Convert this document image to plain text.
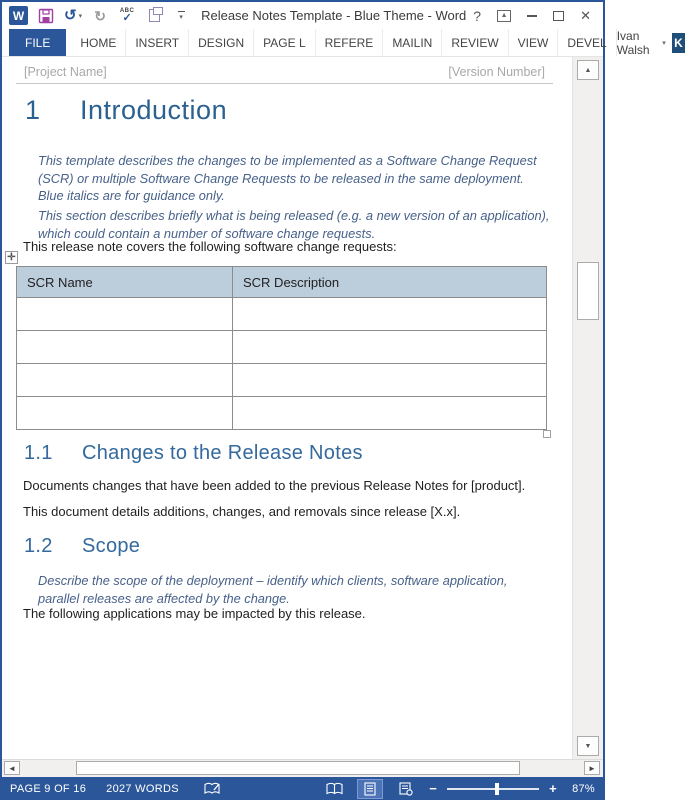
W	↺ ▾ ↻ ABC
✓	▾	Release Notes Template - Blue Theme - Word ?	▲	✕
FILE	HOME	INSERT	DESIGN	PAGE L	REFERE	MAILIN	REVIEW	VIEW	DEVEL Ivan Walsh	▾ K
[Project Name]	[Version Number]
1 Introduction
This template describes the changes to be implemented as a Software Change Request (SCR) or multiple Software Change Requests to be released in the same deployment.
Blue italics are for guidance only.
This section describes briefly what is being released (e.g. a new version of an application), which could contain a number of software change requests.
This release note covers the following software change requests:
✛
SCR Name	SCR Description

1.1 Changes to the Release Notes
Documents changes that have been added to the previous Release Notes for [product].
This document details additions, changes, and removals since release [X.x].
1.2 Scope
Describe the scope of the deployment – identify which clients, software application, parallel releases are affected by the change.
The following applications may be impacted by this release.
▲
▼
◄	►
PAGE 9 OF 16 2027 WORDS	−	+	87%
